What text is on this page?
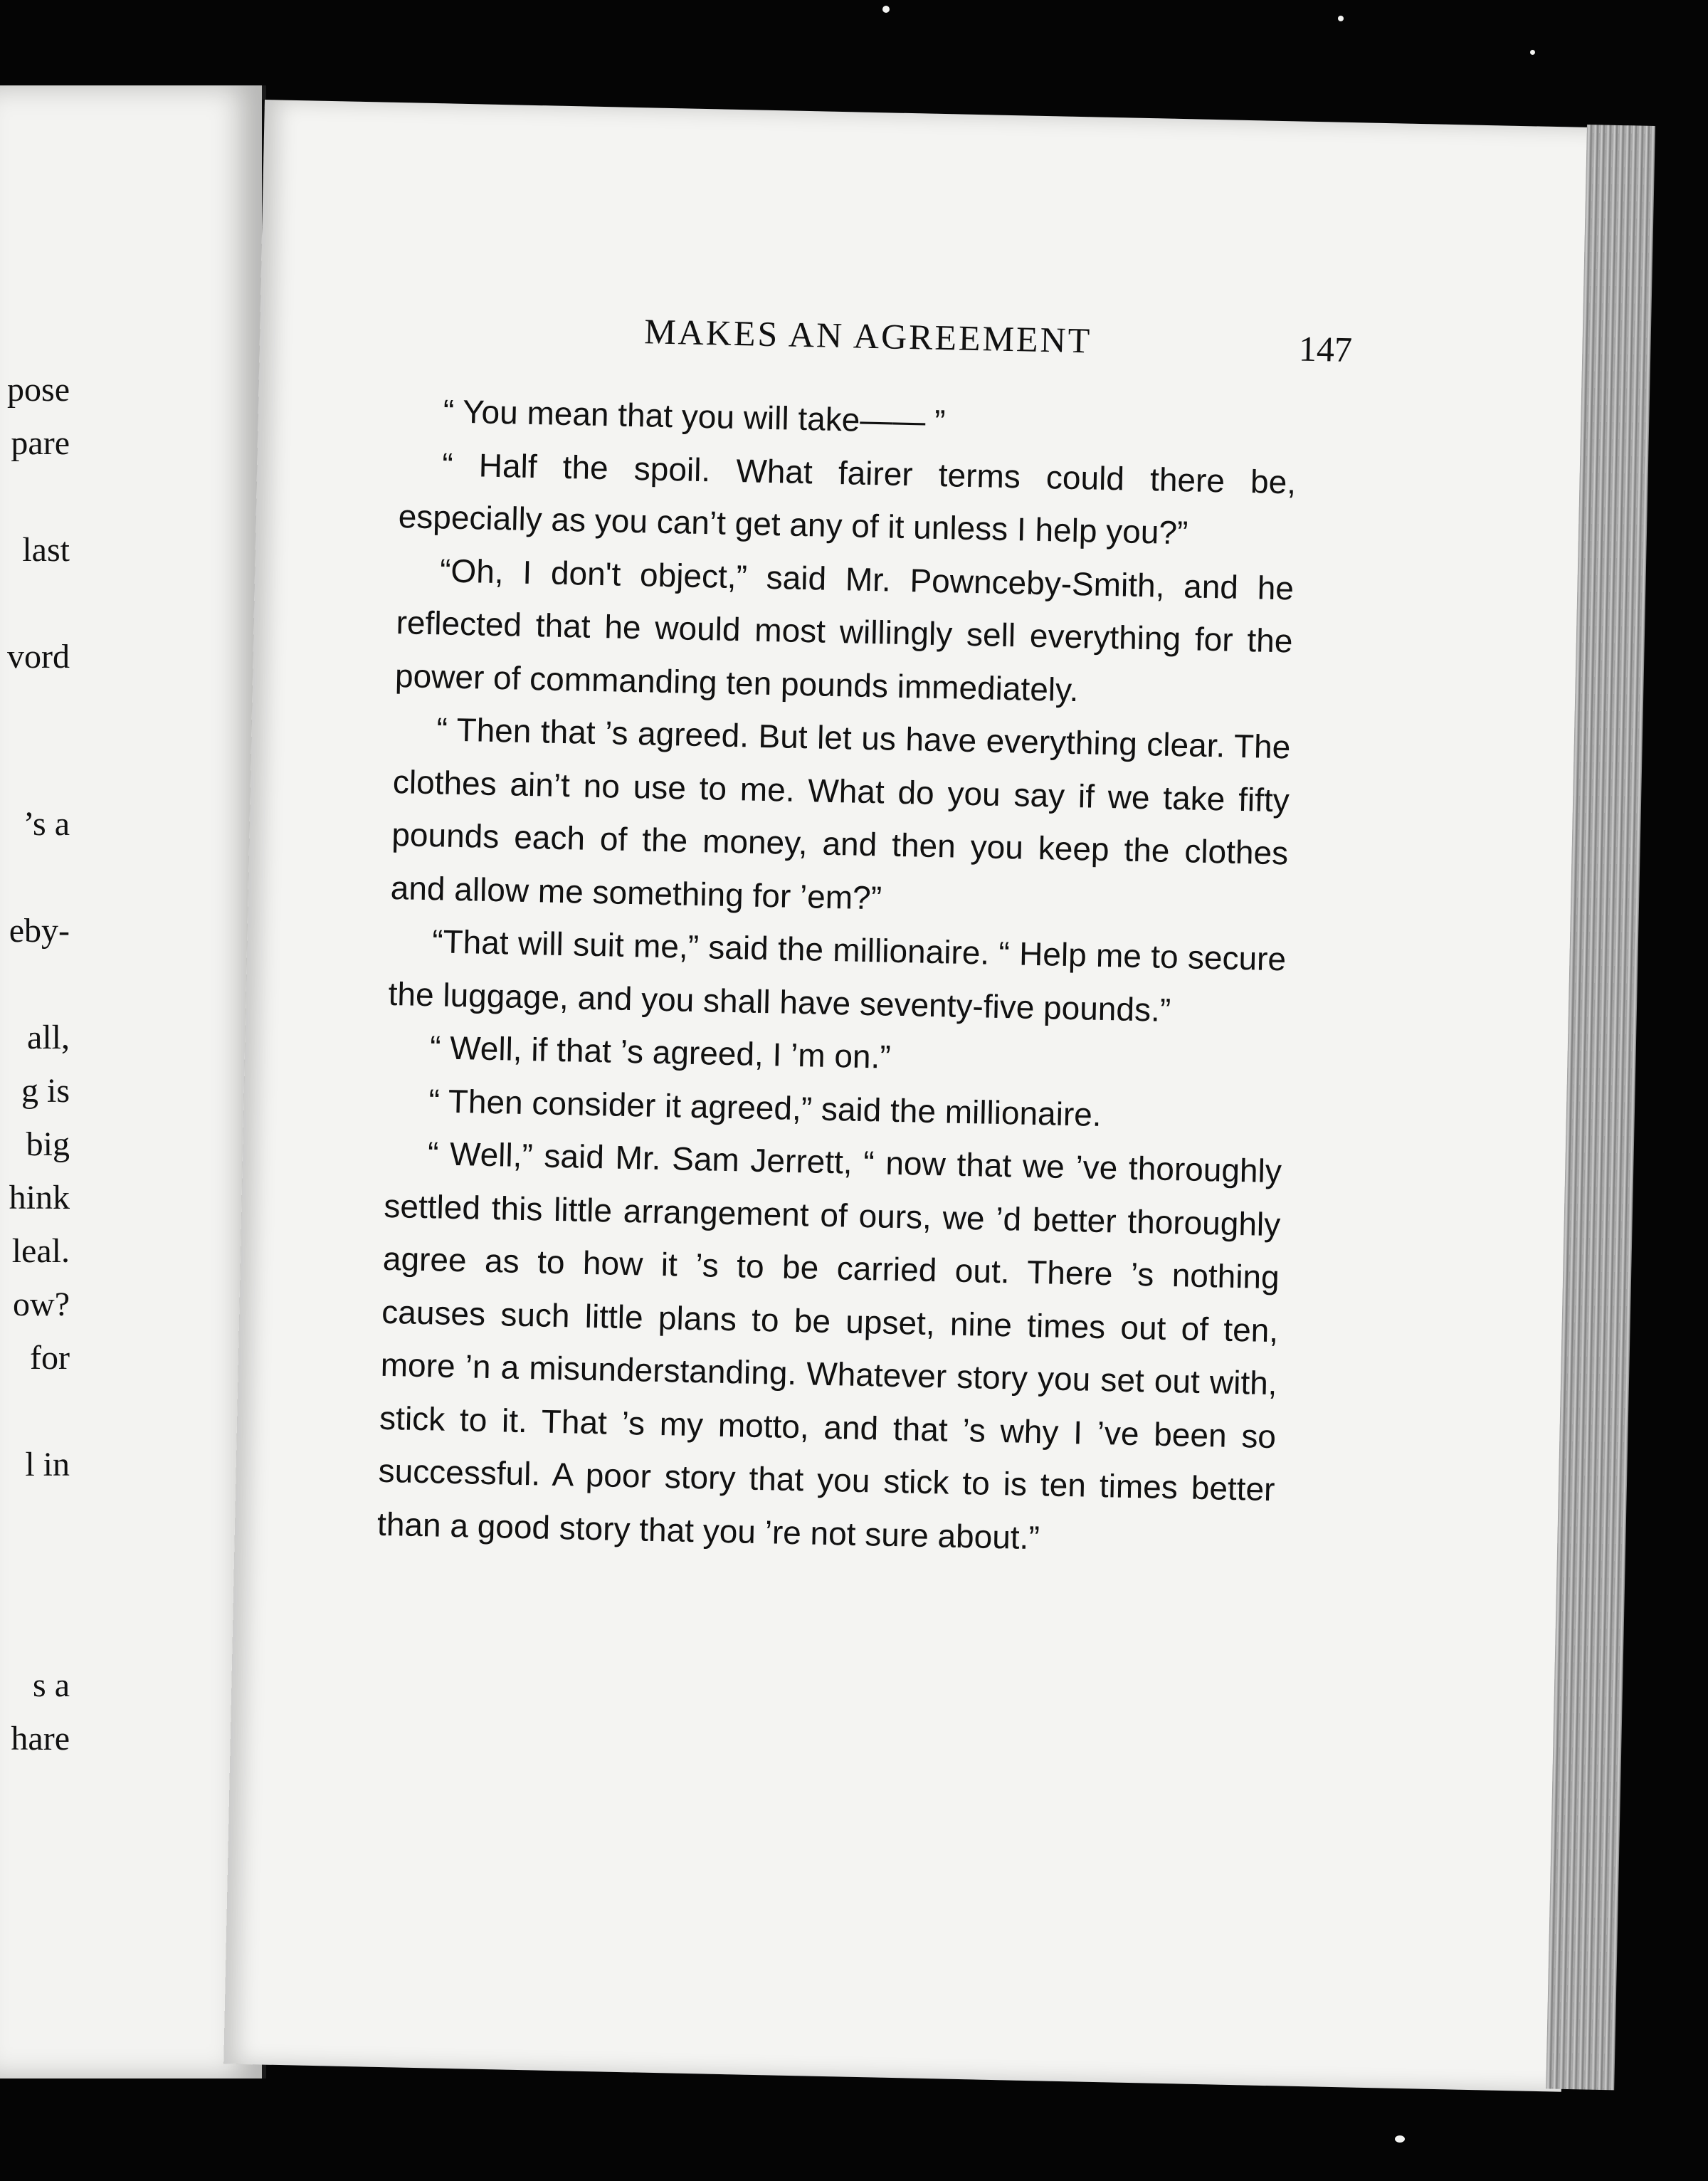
pose
pare
last
vord
’s a
eby-
all,
g is
big
hink
leal.
ow?
for
l in
s a
hare
MAKES AN AGREEMENT	147

“ You mean that you will take—— ”

“ Half the spoil. What fairer terms could there be, especially as you can’t get any of it unless I help you?”

“Oh, I don't object,” said Mr. Pownceby-Smith, and he reflected that he would most willingly sell everything for the power of commanding ten pounds immediately.

“ Then that ’s agreed. But let us have everything clear. The clothes ain’t no use to me. What do you say if we take fifty pounds each of the money, and then you keep the clothes and allow me something for ’em?”

“That will suit me,” said the millionaire. “ Help me to secure the luggage, and you shall have seventy-five pounds.”

“ Well, if that ’s agreed, I ’m on.”

“ Then consider it agreed,” said the millionaire.

“ Well,” said Mr. Sam Jerrett, “ now that we ’ve thoroughly settled this little arrangement of ours, we ’d better thoroughly agree as to how it ’s to be carried out. There ’s nothing causes such little plans to be upset, nine times out of ten, more ’n a misunderstanding. Whatever story you set out with, stick to it. That ’s my motto, and that ’s why I ’ve been so successful. A poor story that you stick to is ten times better than a good story that you ’re not sure about.”
